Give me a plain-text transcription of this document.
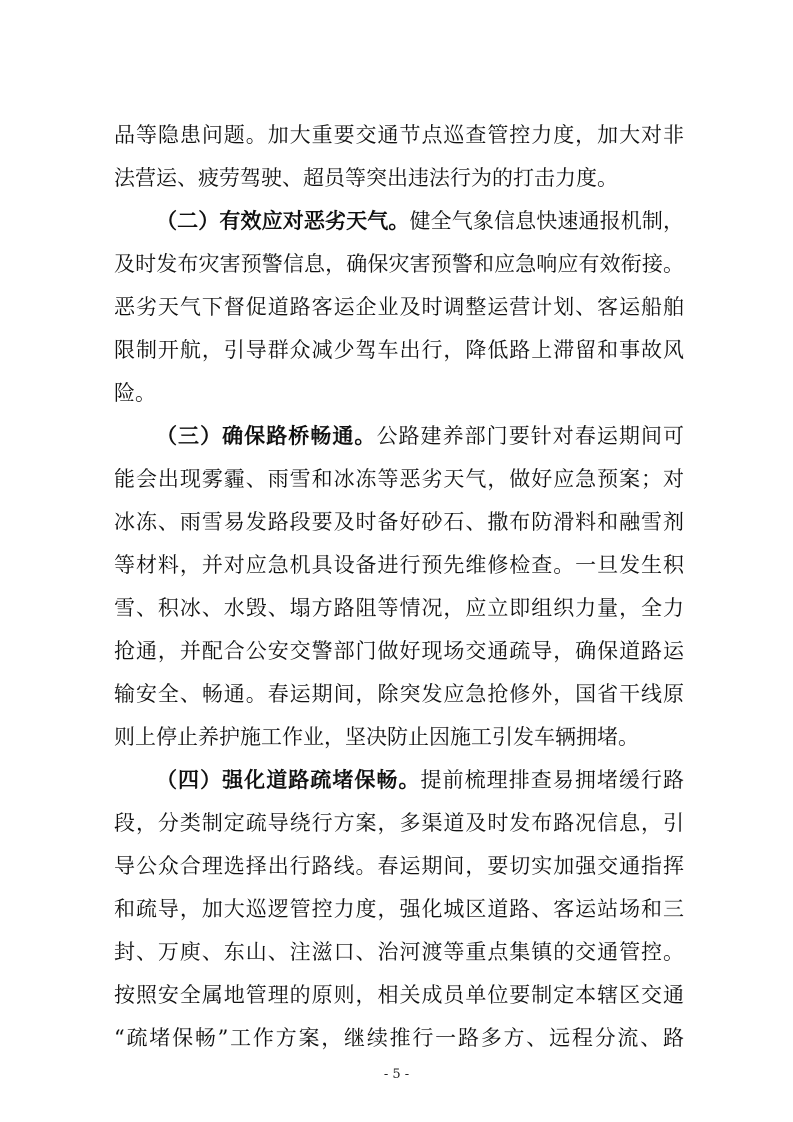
品等隐患问题。加大重要交通节点巡查管控力度，加大对非
法营运、疲劳驾驶、超员等突出违法行为的打击力度。
（二）有效应对恶劣天气。健全气象信息快速通报机制，
及时发布灾害预警信息，确保灾害预警和应急响应有效衔接。
恶劣天气下督促道路客运企业及时调整运营计划、客运船舶
限制开航，引导群众减少驾车出行，降低路上滞留和事故风
险。
（三）确保路桥畅通。公路建养部门要针对春运期间可
能会出现雾霾、雨雪和冰冻等恶劣天气，做好应急预案；对
冰冻、雨雪易发路段要及时备好砂石、撒布防滑料和融雪剂
等材料，并对应急机具设备进行预先维修检查。一旦发生积
雪、积冰、水毁、塌方路阻等情况，应立即组织力量，全力
抢通，并配合公安交警部门做好现场交通疏导，确保道路运
输安全、畅通。春运期间，除突发应急抢修外，国省干线原
则上停止养护施工作业，坚决防止因施工引发车辆拥堵。
（四）强化道路疏堵保畅。提前梳理排查易拥堵缓行路
段，分类制定疏导绕行方案，多渠道及时发布路况信息，引
导公众合理选择出行路线。春运期间，要切实加强交通指挥
和疏导，加大巡逻管控力度，强化城区道路、客运站场和三
封、万庾、东山、注滋口、治河渡等重点集镇的交通管控。
按照安全属地管理的原则，相关成员单位要制定本辖区交通
“疏堵保畅”工作方案，继续推行一路多方、远程分流、路
- 5 -
